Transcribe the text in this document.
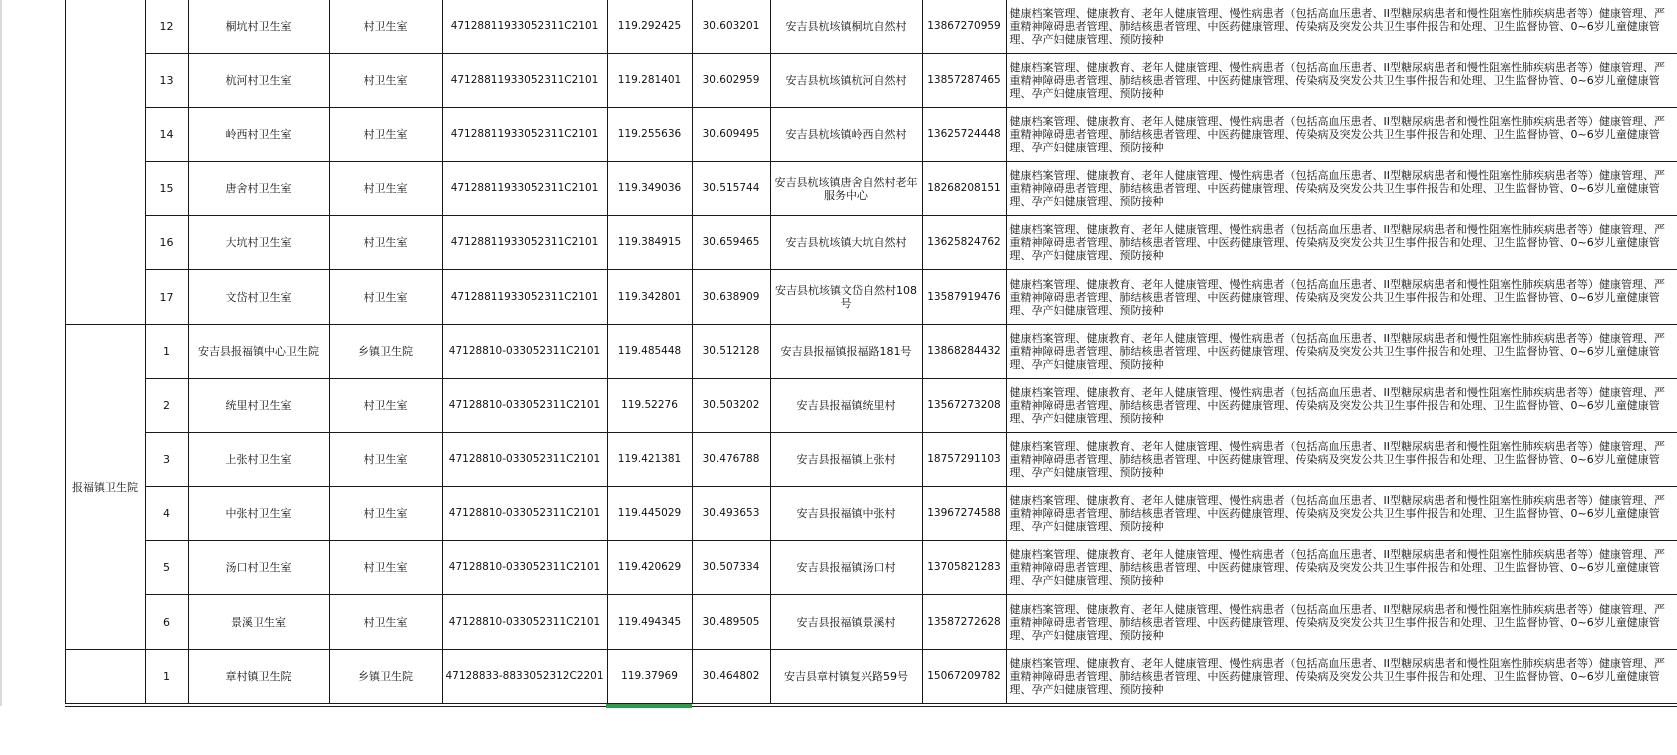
		12	桐坑村卫生室	村卫生室	47128811933052311C2101	119.292425	30.603201	安吉县杭垓镇桐坑自然村	13867270959	健康档案管理、健康教育、老年人健康管理、慢性病患者（包括高血压患者、II型糖尿病患者和慢性阻塞性肺疾病患者等）健康管理、严重精神障碍患者管理、肺结核患者管理、中医药健康管理、传染病及突发公共卫生事件报告和处理、卫生监督协管、0~6岁儿童健康管理、孕产妇健康管理、预防接种
		13	杭河村卫生室	村卫生室	47128811933052311C2101	119.281401	30.602959	安吉县杭垓镇杭河自然村	13857287465	健康档案管理、健康教育、老年人健康管理、慢性病患者（包括高血压患者、II型糖尿病患者和慢性阻塞性肺疾病患者等）健康管理、严重精神障碍患者管理、肺结核患者管理、中医药健康管理、传染病及突发公共卫生事件报告和处理、卫生监督协管、0~6岁儿童健康管理、孕产妇健康管理、预防接种
		14	岭西村卫生室	村卫生室	47128811933052311C2101	119.255636	30.609495	安吉县杭垓镇岭西自然村	13625724448	健康档案管理、健康教育、老年人健康管理、慢性病患者（包括高血压患者、II型糖尿病患者和慢性阻塞性肺疾病患者等）健康管理、严重精神障碍患者管理、肺结核患者管理、中医药健康管理、传染病及突发公共卫生事件报告和处理、卫生监督协管、0~6岁儿童健康管理、孕产妇健康管理、预防接种
		15	唐舍村卫生室	村卫生室	47128811933052311C2101	119.349036	30.515744	安吉县杭垓镇唐舍自然村老年服务中心	18268208151	健康档案管理、健康教育、老年人健康管理、慢性病患者（包括高血压患者、II型糖尿病患者和慢性阻塞性肺疾病患者等）健康管理、严重精神障碍患者管理、肺结核患者管理、中医药健康管理、传染病及突发公共卫生事件报告和处理、卫生监督协管、0~6岁儿童健康管理、孕产妇健康管理、预防接种
		16	大坑村卫生室	村卫生室	47128811933052311C2101	119.384915	30.659465	安吉县杭垓镇大坑自然村	13625824762	健康档案管理、健康教育、老年人健康管理、慢性病患者（包括高血压患者、II型糖尿病患者和慢性阻塞性肺疾病患者等）健康管理、严重精神障碍患者管理、肺结核患者管理、中医药健康管理、传染病及突发公共卫生事件报告和处理、卫生监督协管、0~6岁儿童健康管理、孕产妇健康管理、预防接种
		17	文岱村卫生室	村卫生室	47128811933052311C2101	119.342801	30.638909	安吉县杭垓镇文岱自然村108号	13587919476	健康档案管理、健康教育、老年人健康管理、慢性病患者（包括高血压患者、II型糖尿病患者和慢性阻塞性肺疾病患者等）健康管理、严重精神障碍患者管理、肺结核患者管理、中医药健康管理、传染病及突发公共卫生事件报告和处理、卫生监督协管、0~6岁儿童健康管理、孕产妇健康管理、预防接种
	报福镇卫生院	1	安吉县报福镇中心卫生院	乡镇卫生院	47128810-033052311C2101	119.485448	30.512128	安吉县报福镇报福路181号	13868284432	健康档案管理、健康教育、老年人健康管理、慢性病患者（包括高血压患者、II型糖尿病患者和慢性阻塞性肺疾病患者等）健康管理、严重精神障碍患者管理、肺结核患者管理、中医药健康管理、传染病及突发公共卫生事件报告和处理、卫生监督协管、0~6岁儿童健康管理、孕产妇健康管理、预防接种
		2	统里村卫生室	村卫生室	47128810-033052311C2101	119.52276	30.503202	安吉县报福镇统里村	13567273208	健康档案管理、健康教育、老年人健康管理、慢性病患者（包括高血压患者、II型糖尿病患者和慢性阻塞性肺疾病患者等）健康管理、严重精神障碍患者管理、肺结核患者管理、中医药健康管理、传染病及突发公共卫生事件报告和处理、卫生监督协管、0~6岁儿童健康管理、孕产妇健康管理、预防接种
		3	上张村卫生室	村卫生室	47128810-033052311C2101	119.421381	30.476788	安吉县报福镇上张村	18757291103	健康档案管理、健康教育、老年人健康管理、慢性病患者（包括高血压患者、II型糖尿病患者和慢性阻塞性肺疾病患者等）健康管理、严重精神障碍患者管理、肺结核患者管理、中医药健康管理、传染病及突发公共卫生事件报告和处理、卫生监督协管、0~6岁儿童健康管理、孕产妇健康管理、预防接种
		4	中张村卫生室	村卫生室	47128810-033052311C2101	119.445029	30.493653	安吉县报福镇中张村	13967274588	健康档案管理、健康教育、老年人健康管理、慢性病患者（包括高血压患者、II型糖尿病患者和慢性阻塞性肺疾病患者等）健康管理、严重精神障碍患者管理、肺结核患者管理、中医药健康管理、传染病及突发公共卫生事件报告和处理、卫生监督协管、0~6岁儿童健康管理、孕产妇健康管理、预防接种
		5	汤口村卫生室	村卫生室	47128810-033052311C2101	119.420629	30.507334	安吉县报福镇汤口村	13705821283	健康档案管理、健康教育、老年人健康管理、慢性病患者（包括高血压患者、II型糖尿病患者和慢性阻塞性肺疾病患者等）健康管理、严重精神障碍患者管理、肺结核患者管理、中医药健康管理、传染病及突发公共卫生事件报告和处理、卫生监督协管、0~6岁儿童健康管理、孕产妇健康管理、预防接种
		6	景溪卫生室	村卫生室	47128810-033052311C2101	119.494345	30.489505	安吉县报福镇景溪村	13587272628	健康档案管理、健康教育、老年人健康管理、慢性病患者（包括高血压患者、II型糖尿病患者和慢性阻塞性肺疾病患者等）健康管理、严重精神障碍患者管理、肺结核患者管理、中医药健康管理、传染病及突发公共卫生事件报告和处理、卫生监督协管、0~6岁儿童健康管理、孕产妇健康管理、预防接种
		1	章村镇卫生院	乡镇卫生院	47128833-8833052312C2201	119.37969	30.464802	安吉县章村镇复兴路59号	15067209782	健康档案管理、健康教育、老年人健康管理、慢性病患者（包括高血压患者、II型糖尿病患者和慢性阻塞性肺疾病患者等）健康管理、严重精神障碍患者管理、肺结核患者管理、中医药健康管理、传染病及突发公共卫生事件报告和处理、卫生监督协管、0~6岁儿童健康管理、孕产妇健康管理、预防接种
